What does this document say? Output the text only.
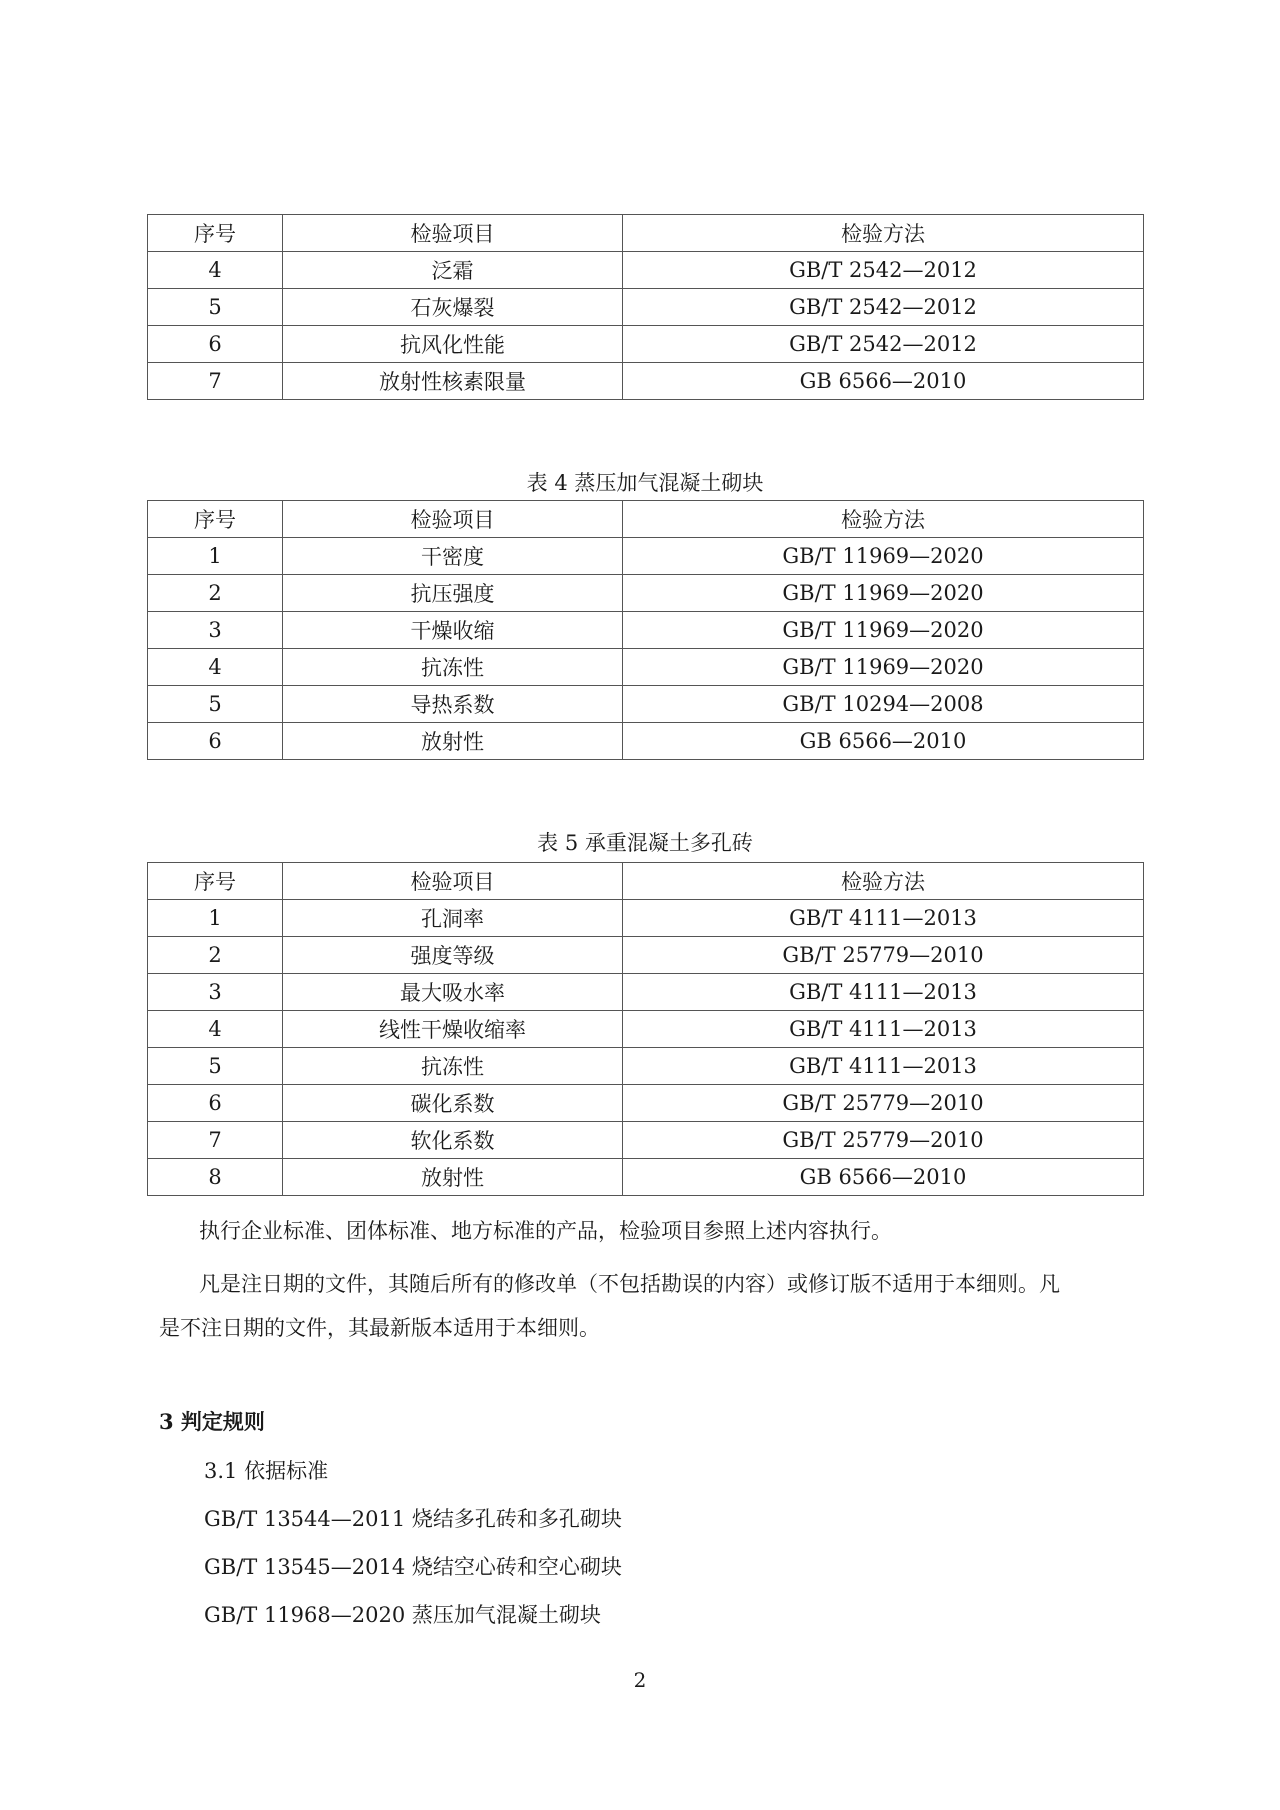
序号	检验项目	检验方法
4	泛霜	GB/T 2542—2012
5	石灰爆裂	GB/T 2542—2012
6	抗风化性能	GB/T 2542—2012
7	放射性核素限量	GB 6566—2010
表 4 蒸压加气混凝土砌块
序号	检验项目	检验方法
1	干密度	GB/T 11969—2020
2	抗压强度	GB/T 11969—2020
3	干燥收缩	GB/T 11969—2020
4	抗冻性	GB/T 11969—2020
5	导热系数	GB/T 10294—2008
6	放射性	GB 6566—2010
表 5 承重混凝土多孔砖
序号	检验项目	检验方法
1	孔洞率	GB/T 4111—2013
2	强度等级	GB/T 25779—2010
3	最大吸水率	GB/T 4111—2013
4	线性干燥收缩率	GB/T 4111—2013
5	抗冻性	GB/T 4111—2013
6	碳化系数	GB/T 25779—2010
7	软化系数	GB/T 25779—2010
8	放射性	GB 6566—2010
执行企业标准、团体标准、地方标准的产品，检验项目参照上述内容执行。
凡是注日期的文件，其随后所有的修改单（不包括勘误的内容）或修订版不适用于本细则。凡
是不注日期的文件，其最新版本适用于本细则。
3 判定规则
3.1 依据标准
GB/T 13544—2011 烧结多孔砖和多孔砌块
GB/T 13545—2014 烧结空心砖和空心砌块
GB/T 11968—2020 蒸压加气混凝土砌块
2
